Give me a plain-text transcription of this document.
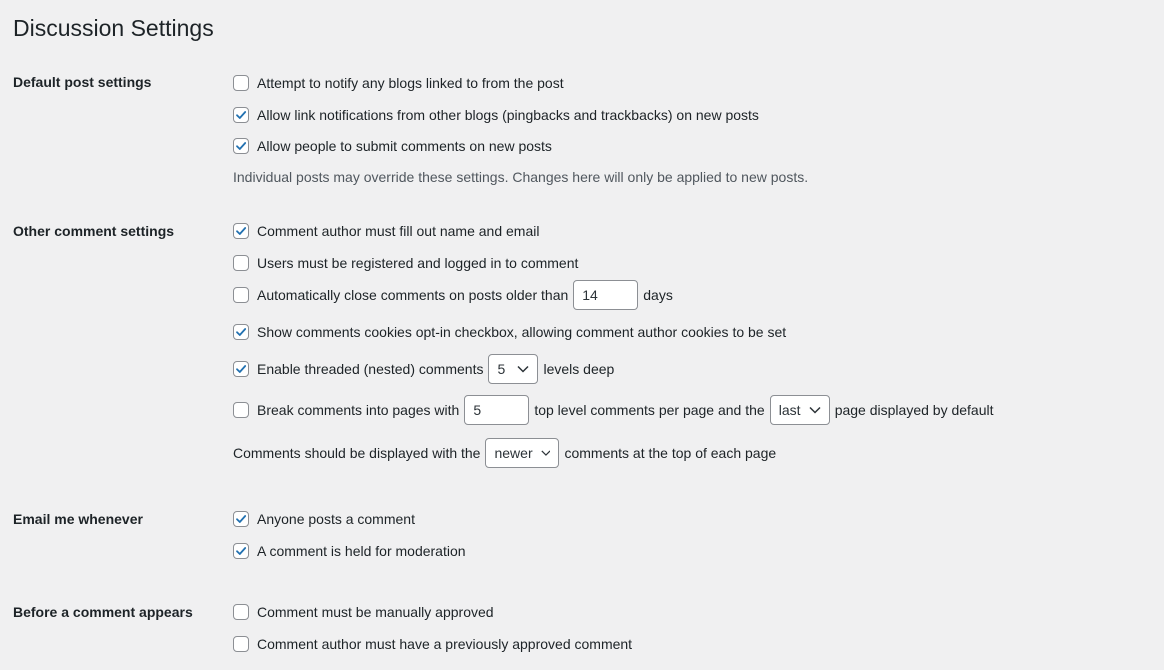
Discussion Settings
Default post settings	Attempt to notify any blogs linked to from the post
Allow link notifications from other blogs (pingbacks and trackbacks) on new posts
Allow people to submit comments on new posts
Individual posts may override these settings. Changes here will only be applied to new posts.
Other comment settings	Comment author must fill out name and email
Users must be registered and logged in to comment
Automatically close comments on posts older than	14	days
Show comments cookies opt-in checkbox, allowing comment author cookies to be set
Enable threaded (nested) comments 5	levels deep
Break comments into pages with	5	top level comments per page and the last page displayed by default
Comments should be displayed with the newer comments at the top of each page
Email me whenever	Anyone posts a comment
A comment is held for moderation
Before a comment appears	Comment must be manually approved
Comment author must have a previously approved comment
